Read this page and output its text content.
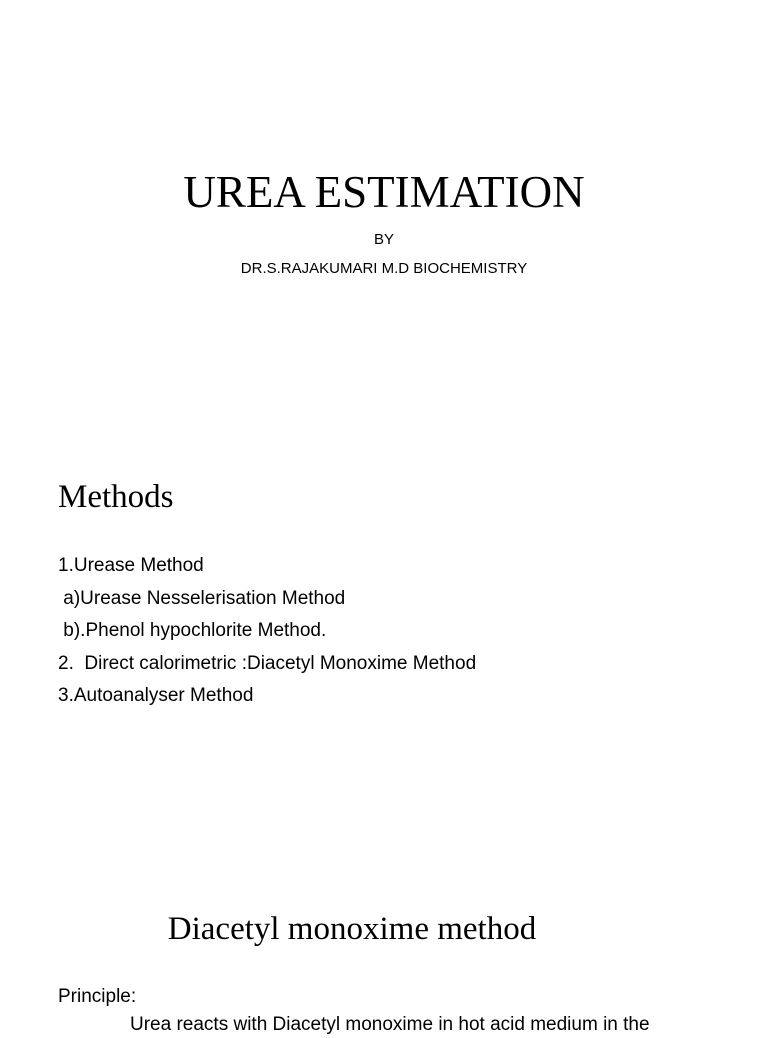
UREA ESTIMATION

BY

DR.S.RAJAKUMARI M.D BIOCHEMISTRY

Methods
1.Urease Method
a)Urease Nesselerisation Method
b).Phenol hypochlorite Method.
2.  Direct calorimetric :Diacetyl Monoxime Method
3.Autoanalyser Method
Diacetyl monoxime method

Principle:

Urea reacts with Diacetyl monoxime in hot acid medium in the
